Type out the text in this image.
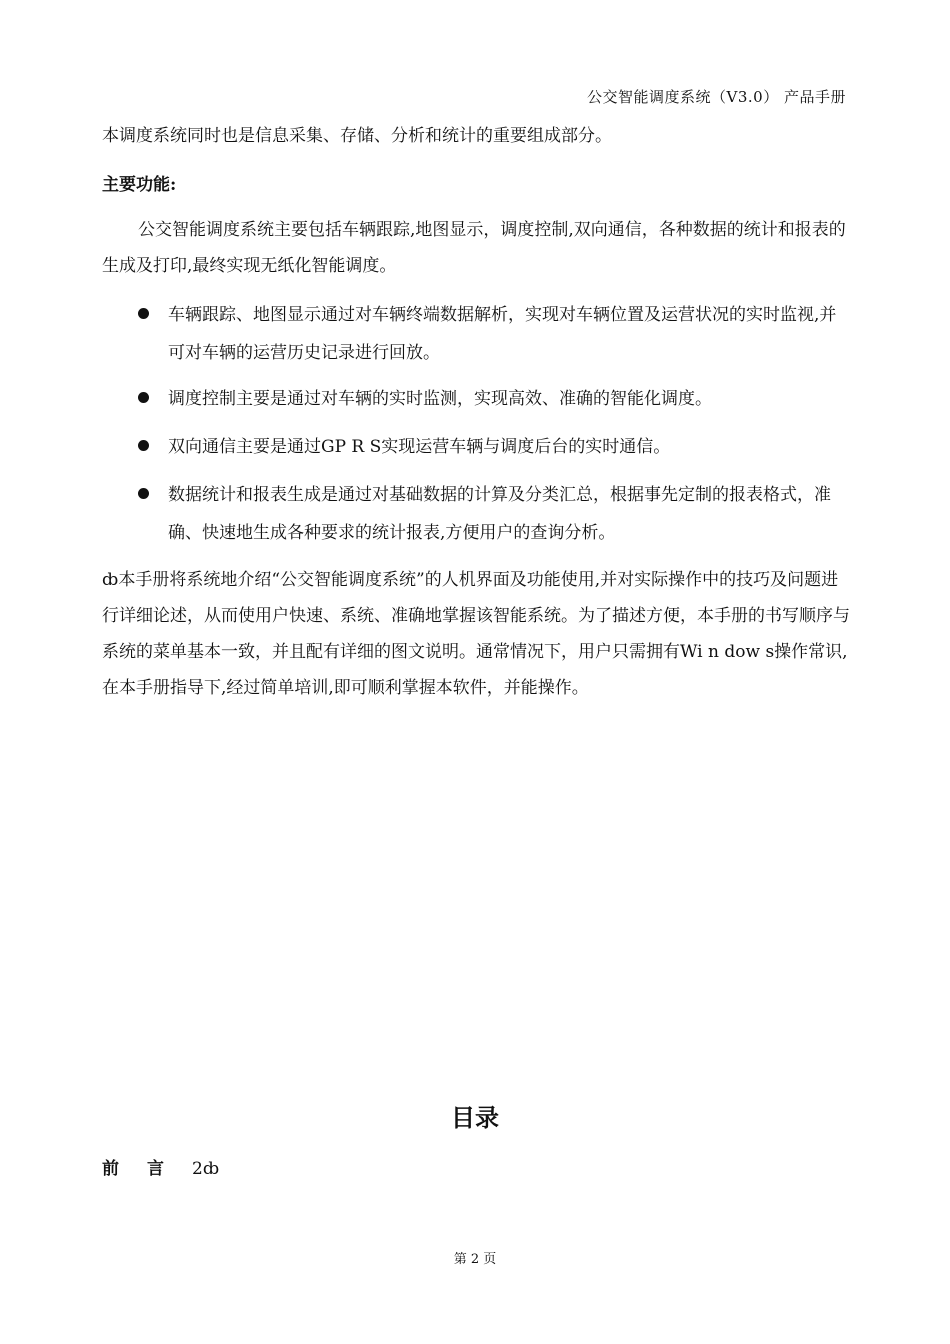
公交智能调度系统（V3.0） 产品手册

本调度系统同时也是信息采集、存储、分析和统计的重要组成部分。

主要功能:

公交智能调度系统主要包括车辆跟踪,地图显示，调度控制,双向通信，各种数据的统计和报表的生成及打印,最终实现无纸化智能调度。

车辆跟踪、地图显示通过对车辆终端数据解析，实现对车辆位置及运营状况的实时监视,并可对车辆的运营历史记录进行回放。
调度控制主要是通过对车辆的实时监测，实现高效、准确的智能化调度。
双向通信主要是通过GP R S实现运营车辆与调度后台的实时通信。
数据统计和报表生成是通过对基础数据的计算及分类汇总，根据事先定制的报表格式，准确、快速地生成各种要求的统计报表,方便用户的查询分析。

ȸ本手册将系统地介绍“公交智能调度系统”的人机界面及功能使用,并对实际操作中的技巧及问题进行详细论述，从而使用户快速、系统、准确地掌握该智能系统。为了描述方便，本手册的书写顺序与系统的菜单基本一致，并且配有详细的图文说明。通常情况下，用户只需拥有Wi n dow s操作常识,在本手册指导下,经过简单培训,即可顺利掌握本软件，并能操作。

目录
前言2ȸ
第 2 页
